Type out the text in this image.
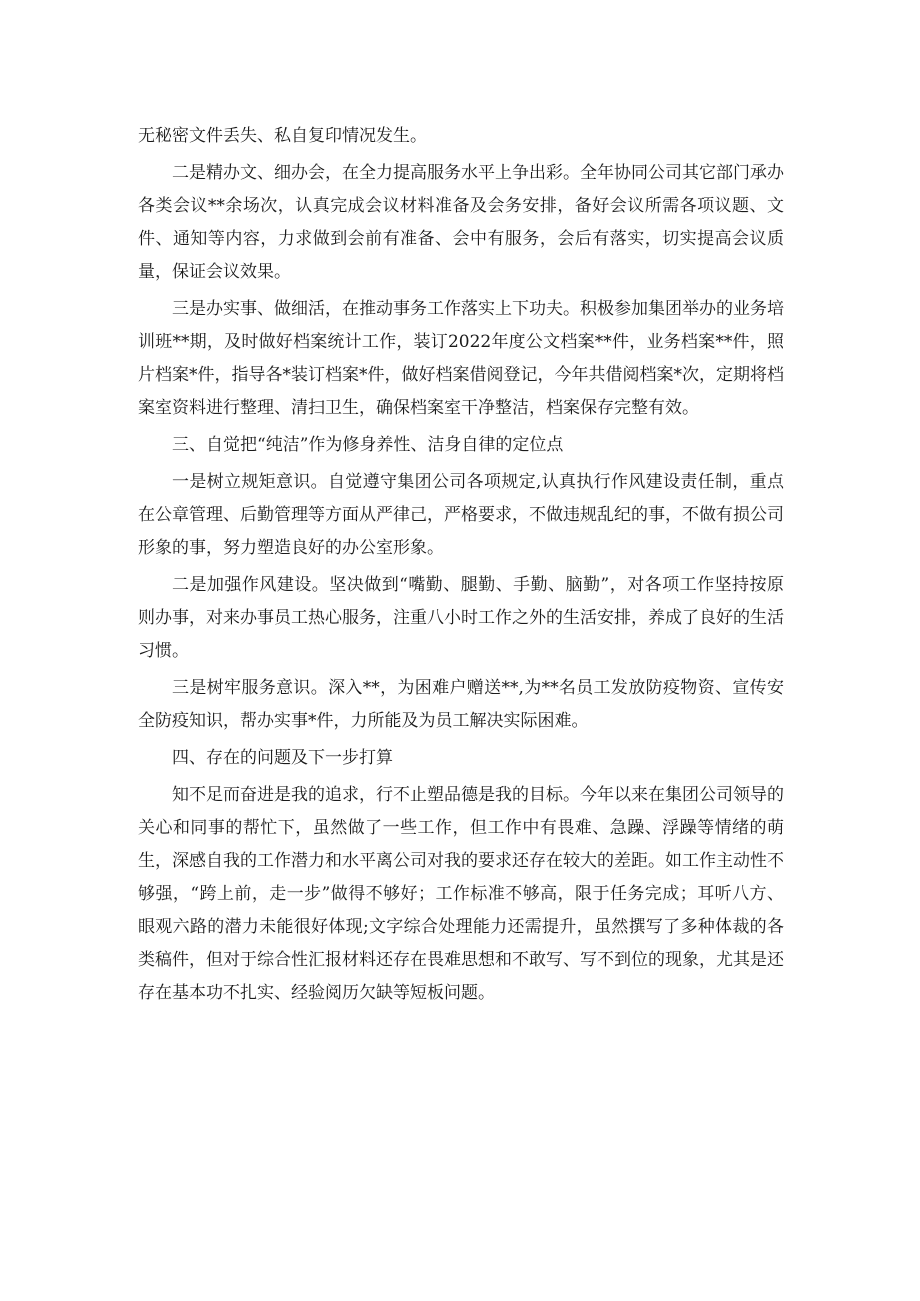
无秘密文件丢失、私自复印情况发生。

二是精办文、细办会，在全力提高服务水平上争出彩。全年协同公司其它部门承办各类会议**余场次，认真完成会议材料准备及会务安排，备好会议所需各项议题、文件、通知等内容，力求做到会前有准备、会中有服务，会后有落实，切实提高会议质量，保证会议效果。

三是办实事、做细活，在推动事务工作落实上下功夫。积极参加集团举办的业务培训班**期，及时做好档案统计工作，装订2022年度公文档案**件，业务档案**件，照片档案*件，指导各*装订档案*件，做好档案借阅登记，今年共借阅档案*次，定期将档案室资料进行整理、清扫卫生，确保档案室干净整洁，档案保存完整有效。

三、自觉把“纯洁”作为修身养性、洁身自律的定位点

一是树立规矩意识。自觉遵守集团公司各项规定,认真执行作风建设责任制，重点在公章管理、后勤管理等方面从严律己，严格要求，不做违规乱纪的事，不做有损公司形象的事，努力塑造良好的办公室形象。

二是加强作风建设。坚决做到“嘴勤、腿勤、手勤、脑勤”，对各项工作坚持按原则办事，对来办事员工热心服务，注重八小时工作之外的生活安排，养成了良好的生活习惯。

三是树牢服务意识。深入**，为困难户赠送**,为**名员工发放防疫物资、宣传安全防疫知识，帮办实事*件，力所能及为员工解决实际困难。

四、存在的问题及下一步打算

知不足而奋进是我的追求，行不止塑品德是我的目标。今年以来在集团公司领导的关心和同事的帮忙下，虽然做了一些工作，但工作中有畏难、急躁、浮躁等情绪的萌生，深感自我的工作潜力和水平离公司对我的要求还存在较大的差距。如工作主动性不够强，“跨上前，走一步”做得不够好；工作标准不够高，限于任务完成；耳听八方、眼观六路的潜力未能很好体现;文字综合处理能力还需提升，虽然撰写了多种体裁的各类稿件，但对于综合性汇报材料还存在畏难思想和不敢写、写不到位的现象，尤其是还存在基本功不扎实、经验阅历欠缺等短板问题。
